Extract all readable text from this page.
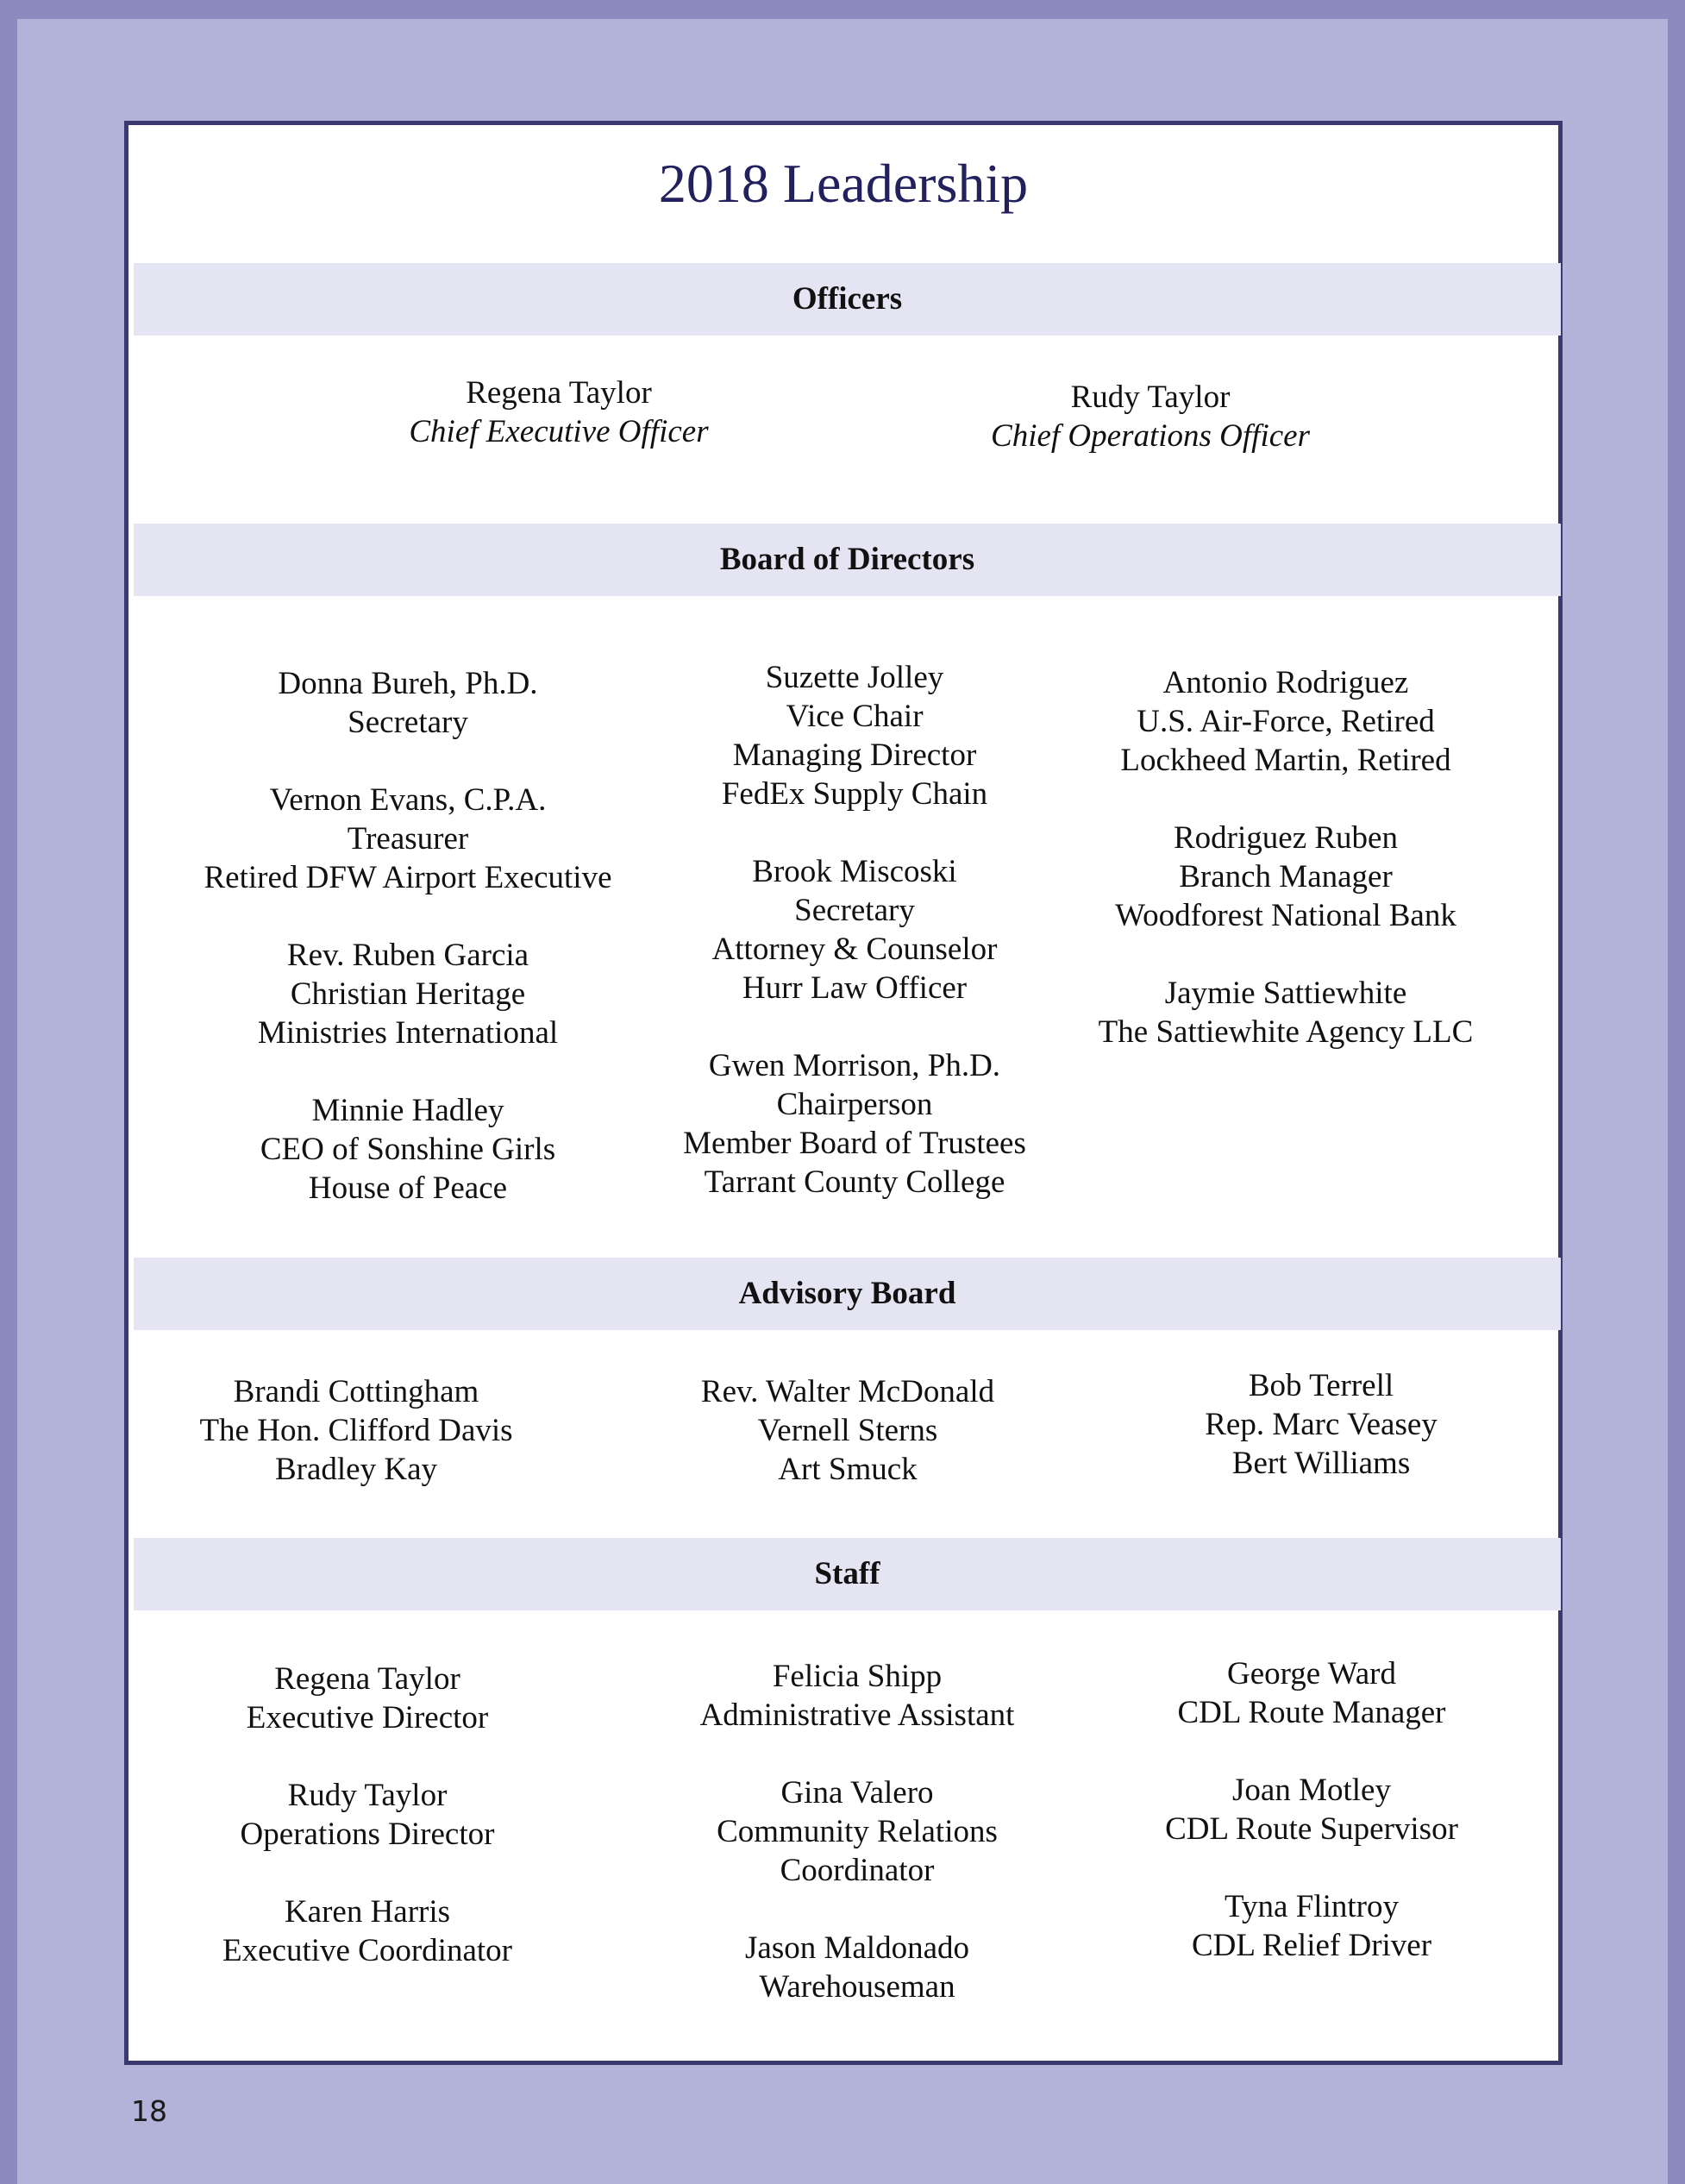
2018 Leadership
Officers
Regena Taylor
Chief Executive Officer
Rudy Taylor
Chief Operations Officer
Board of Directors
Donna Bureh, Ph.D.
Secretary
Vernon Evans, C.P.A.
Treasurer
Retired DFW Airport Executive
Rev. Ruben Garcia
Christian Heritage
Ministries International
Minnie Hadley
CEO of Sonshine Girls
House of Peace
Suzette Jolley
Vice Chair
Managing Director
FedEx Supply Chain
Brook Miscoski
Secretary
Attorney & Counselor
Hurr Law Officer
Gwen Morrison, Ph.D.
Chairperson
Member Board of Trustees
Tarrant County College
Antonio Rodriguez
U.S. Air-Force, Retired
Lockheed Martin, Retired
Rodriguez Ruben
Branch Manager
Woodforest National Bank
Jaymie Sattiewhite
The Sattiewhite Agency LLC
Advisory Board
Brandi Cottingham
The Hon. Clifford Davis
Bradley Kay
Rev. Walter McDonald
Vernell Sterns
Art Smuck
Bob Terrell
Rep. Marc Veasey
Bert Williams
Staff
Regena Taylor
Executive Director
Rudy Taylor
Operations Director
Karen Harris
Executive Coordinator
Felicia Shipp
Administrative Assistant
Gina Valero
Community Relations
Coordinator
Jason Maldonado
Warehouseman
George Ward
CDL Route Manager
Joan Motley
CDL Route Supervisor
Tyna Flintroy
CDL Relief Driver
18
